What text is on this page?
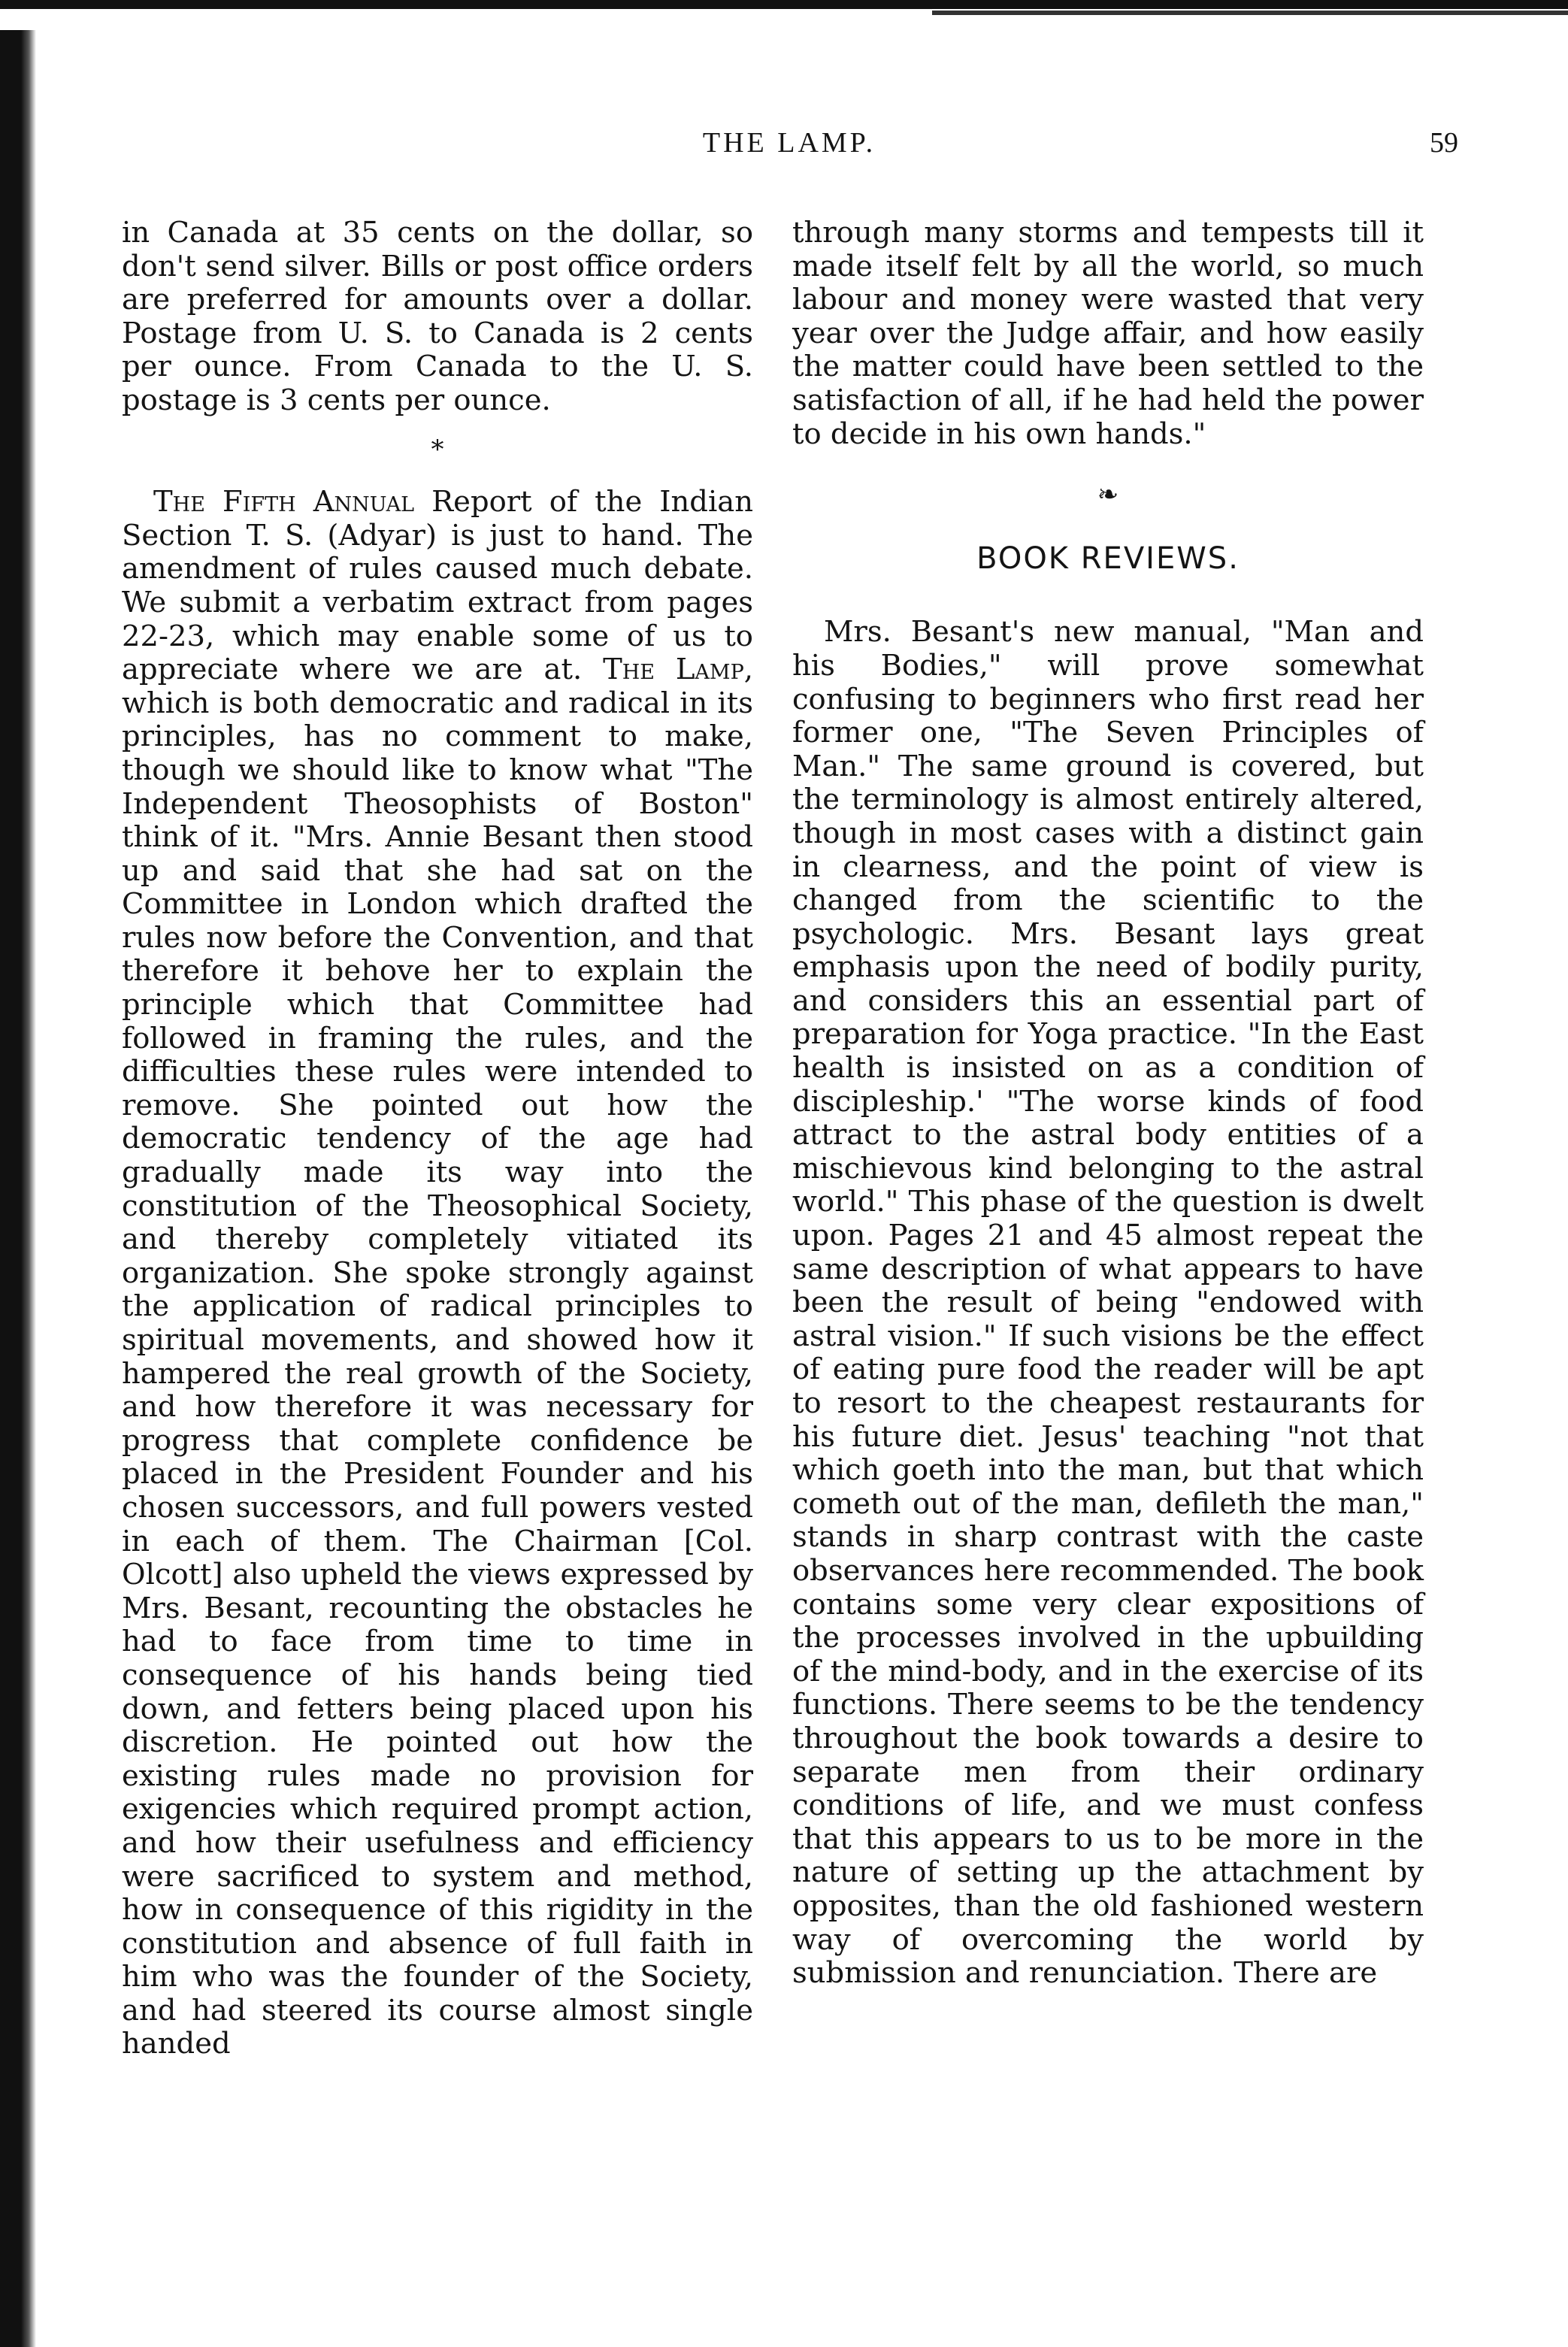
THE LAMP.	59

in Canada at 35 cents on the dollar, so don't send silver. Bills or post office orders are preferred for amounts over a dollar. Postage from U. S. to Canada is 2 cents per ounce. From Canada to the U. S. postage is 3 cents per ounce.

*

The Fifth Annual Report of the Indian Section T. S. (Adyar) is just to hand. The amendment of rules caused much debate. We submit a verbatim extract from pages 22-23, which may enable some of us to appreciate where we are at. The Lamp, which is both democratic and radical in its principles, has no comment to make, though we should like to know what "The Independent Theosophists of Boston" think of it. "Mrs. Annie Besant then stood up and said that she had sat on the Committee in London which drafted the rules now before the Convention, and that therefore it behove her to explain the principle which that Committee had followed in framing the rules, and the difficulties these rules were intended to remove. She pointed out how the democratic tendency of the age had gradually made its way into the constitution of the Theosophical Society, and thereby completely vitiated its organization. She spoke strongly against the application of radical principles to spiritual movements, and showed how it hampered the real growth of the Society, and how therefore it was necessary for progress that complete confidence be placed in the President Founder and his chosen successors, and full powers vested in each of them. The Chairman [Col. Olcott] also upheld the views expressed by Mrs. Besant, recounting the obstacles he had to face from time to time in consequence of his hands being tied down, and fetters being placed upon his discretion. He pointed out how the existing rules made no provision for exigencies which required prompt action, and how their usefulness and efficiency were sacrificed to system and method, how in consequence of this rigidity in the constitution and absence of full faith in him who was the founder of the Society, and had steered its course almost single handed

through many storms and tempests till it made itself felt by all the world, so much labour and money were wasted that very year over the Judge affair, and how easily the matter could have been settled to the satisfaction of all, if he had held the power to decide in his own hands."

❧
BOOK REVIEWS.

Mrs. Besant's new manual, "Man and his Bodies," will prove somewhat confusing to beginners who first read her former one, "The Seven Principles of Man." The same ground is covered, but the terminology is almost entirely altered, though in most cases with a distinct gain in clearness, and the point of view is changed from the scientific to the psychologic. Mrs. Besant lays great emphasis upon the need of bodily purity, and considers this an essential part of preparation for Yoga practice. "In the East health is insisted on as a condition of discipleship.' "The worse kinds of food attract to the astral body entities of a mischievous kind belonging to the astral world." This phase of the question is dwelt upon. Pages 21 and 45 almost repeat the same description of what appears to have been the result of being "endowed with astral vision." If such visions be the effect of eating pure food the reader will be apt to resort to the cheapest restaurants for his future diet. Jesus' teaching "not that which goeth into the man, but that which cometh out of the man, defileth the man," stands in sharp contrast with the caste observances here recommended. The book contains some very clear expositions of the processes involved in the upbuilding of the mind-body, and in the exercise of its functions. There seems to be the tendency throughout the book towards a desire to separate men from their ordinary conditions of life, and we must confess that this appears to us to be more in the nature of setting up the attachment by opposites, than the old fashioned western way of overcoming the world by submission and renunciation. There are
